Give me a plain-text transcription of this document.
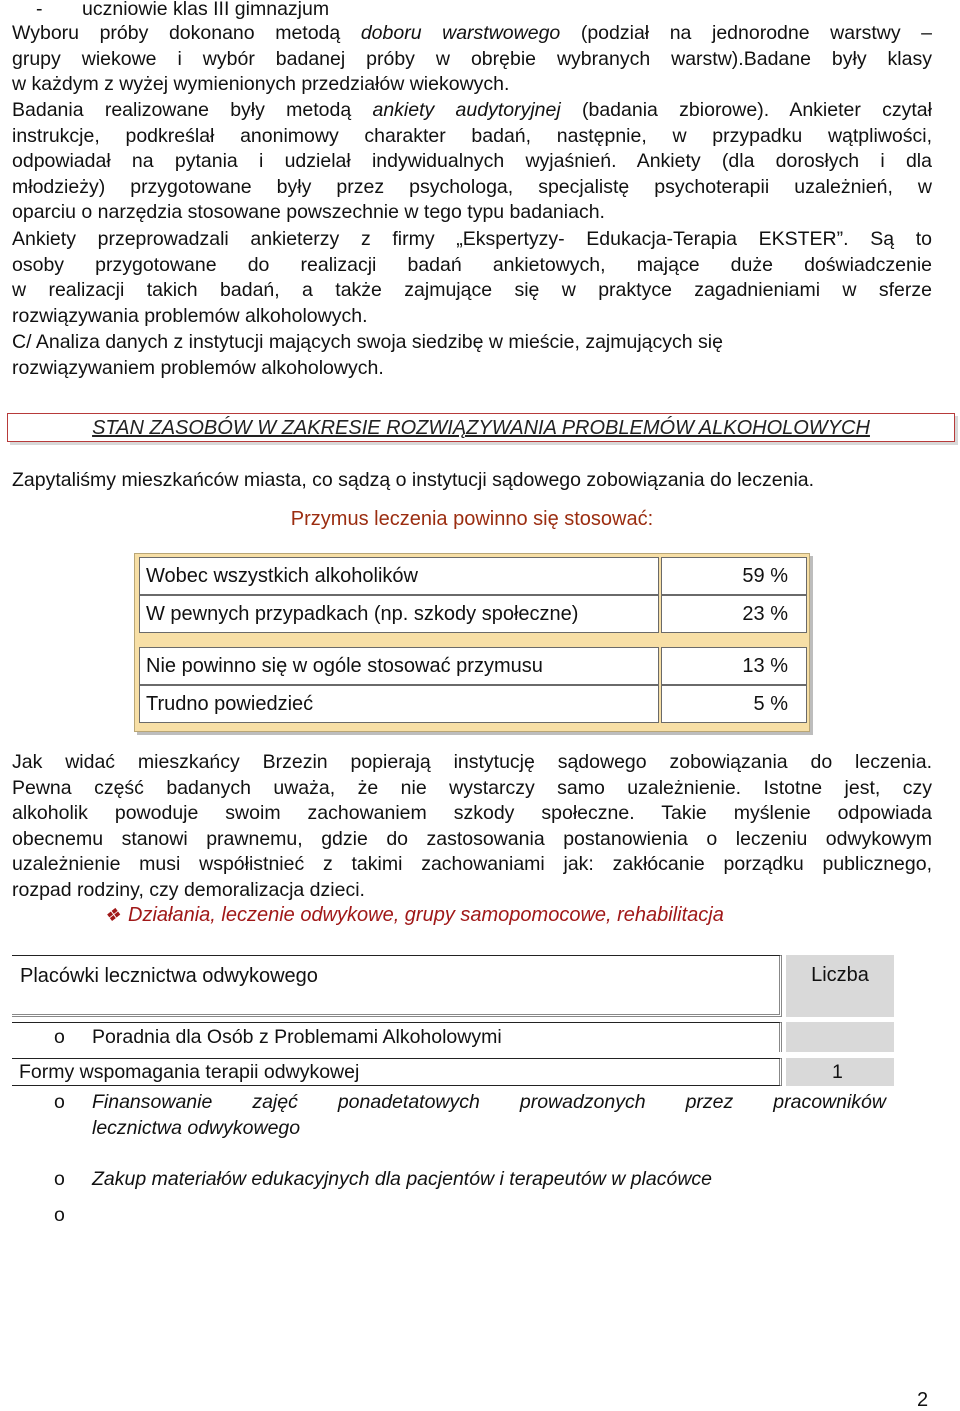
- uczniowie klas III gimnazjum
Wyboru próby dokonano metodą doboru warstwowego (podział na jednorodne warstwy –
grupy wiekowe i wybór badanej próby w obrębie wybranych warstw).Badane były klasy
w każdym z wyżej wymienionych przedziałów wiekowych.
Badania realizowane były metodą ankiety audytoryjnej (badania zbiorowe). Ankieter czytał
instrukcje, podkreślał anonimowy charakter badań, następnie, w przypadku wątpliwości,
odpowiadał na pytania i udzielał indywidualnych wyjaśnień. Ankiety (dla dorosłych i dla
młodzieży) przygotowane były przez psychologa, specjalistę psychoterapii uzależnień, w
oparciu o narzędzia stosowane powszechnie w tego typu badaniach.
Ankiety przeprowadzali ankieterzy z firmy „Ekspertyzy- Edukacja-Terapia EKSTER”. Są to
osoby przygotowane do realizacji badań ankietowych, mające duże doświadczenie
w realizacji takich badań, a także zajmujące się w praktyce zagadnieniami w sferze
rozwiązywania problemów alkoholowych.
C/ Analiza danych z instytucji mających swoja siedzibę w mieście, zajmujących się
rozwiązywaniem problemów alkoholowych.
STAN ZASOBÓW W ZAKRESIE ROZWIĄZYWANIA PROBLEMÓW ALKOHOLOWYCH
Zapytaliśmy mieszkańców miasta, co sądzą o instytucji sądowego zobowiązania do leczenia.
Przymus leczenia powinno się stosować:
Wobec wszystkich alkoholików	59 %
W pewnych przypadkach (np. szkody społeczne)	23 %
Nie powinno się w ogóle stosować przymusu	13 %
Trudno powiedzieć	5 %
Jak widać mieszkańcy Brzezin popierają instytucję sądowego zobowiązania do leczenia.
Pewna część badanych uważa, że nie wystarczy samo uzależnienie. Istotne jest, czy
alkoholik powoduje swoim zachowaniem szkody społeczne. Takie myślenie odpowiada
obecnemu stanowi prawnemu, gdzie do zastosowania postanowienia o leczeniu odwykowym
uzależnienie musi współistnieć z takimi zachowaniami jak: zakłócanie porządku publicznego,
rozpad rodziny, czy demoralizacja dzieci.
❖ Działania, leczenie odwykowe, grupy samopomocowe, rehabilitacja
Placówki lecznictwa odwykowego	Liczba
o Poradnia dla Osób z Problemami Alkoholowymi
Formy wspomagania terapii odwykowej	1
o Finansowanie zajęć ponadetatowych prowadzonych przez pracowników
lecznictwa odwykowego
o Zakup materiałów edukacyjnych dla pacjentów i terapeutów w placówce
o
2
